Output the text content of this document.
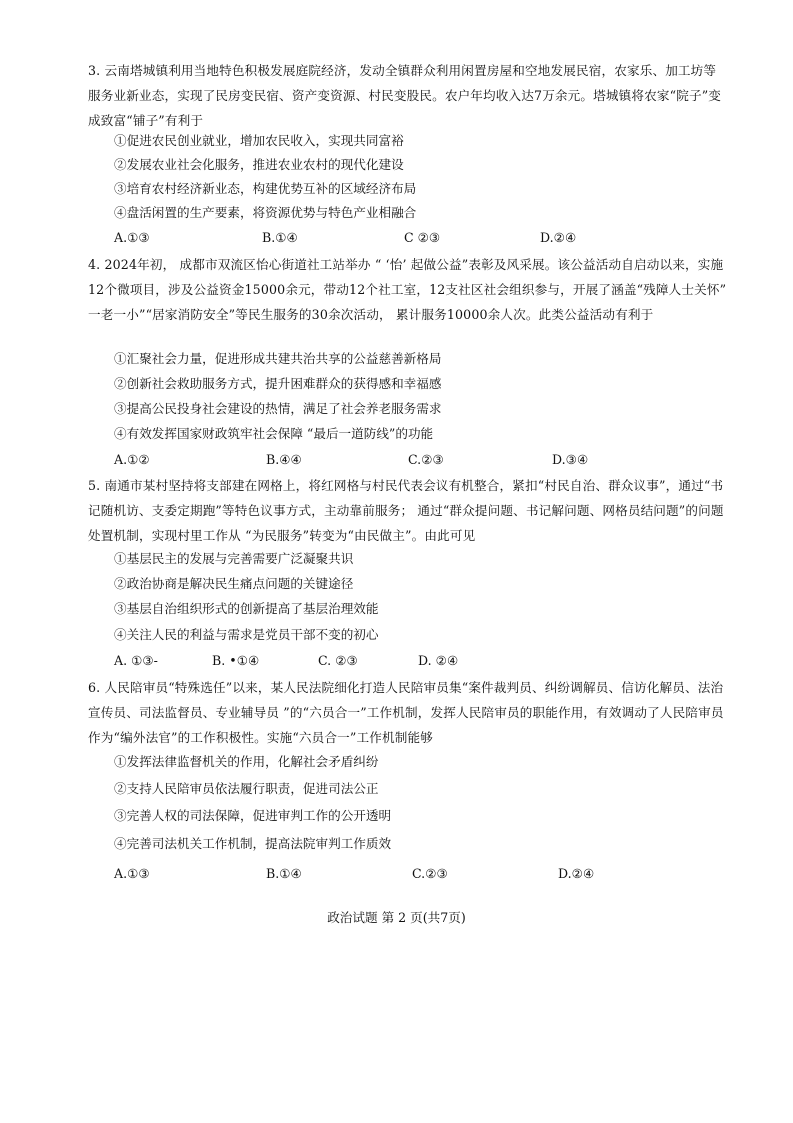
3. 云南塔城镇利用当地特色积极发展庭院经济，发动全镇群众利用闲置房屋和空地发展民宿，农家乐、加工坊等服务业新业态，实现了民房变民宿、资产变资源、村民变股民。农户年均收入达7万余元。塔城镇将农家“院子”变成致富“铺子”有利于
①促进农民创业就业，增加农民收入，实现共同富裕
②发展农业社会化服务，推进农业农村的现代化建设
③培育农村经济新业态，构建优势互补的区域经济布局
④盘活闲置的生产要素，将资源优势与特色产业相融合
A.①③	B.①④	C ②③	D.②④
4. 2024年初， 成都市双流区怡心街道社工站举办 “ ‘怡’ 起做公益”表彰及风采展。该公益活动自启动以来，实施12个微项目，涉及公益资金15000余元，带动12个社工室，12支社区社会组织参与，开展了涵盖“残障人士关怀” 一老一小”“居家消防安全”等民生服务的30余次活动， 累计服务10000余人次。此类公益活动有利于
①汇聚社会力量，促进形成共建共治共享的公益慈善新格局
②创新社会救助服务方式，提升困难群众的获得感和幸福感
③提高公民投身社会建设的热情，满足了社会养老服务需求
④有效发挥国家财政筑牢社会保障 “最后一道防线”的功能
A.①②	B.④④	C.②③	D.③④
5. 南通市某村坚持将支部建在网格上，将红网格与村民代表会议有机整合，紧扣“村民自治、群众议事”，通过“书记随机访、支委定期跑”等特色议事方式，主动靠前服务； 通过“群众提问题、书记解问题、网格员结问题”的问题处置机制，实现村里工作从 “为民服务”转变为“由民做主”。由此可见
①基层民主的发展与完善需要广泛凝聚共识
②政治协商是解决民生痛点问题的关键途径
③基层自治组织形式的创新提高了基层治理效能
④关注人民的利益与需求是党员干部不变的初心
A. ①③-	B. •①④	C. ②③	D. ②④
6. 人民陪审员“特殊选任”以来，某人民法院细化打造人民陪审员集“案件裁判员、纠纷调解员、信访化解员、法治宣传员、司法监督员、专业辅导员 ”的“六员合一”工作机制，发挥人民陪审员的职能作用，有效调动了人民陪审员作为“编外法官”的工作积极性。实施“六员合一”工作机制能够
①发挥法律监督机关的作用，化解社会矛盾纠纷
②支持人民陪审员依法履行职责，促进司法公正
③完善人权的司法保障，促进审判工作的公开透明
④完善司法机关工作机制，提高法院审判工作质效
A.①③	B.①④	C.②③	D.②④
政治试题 第 2 页(共7页)
